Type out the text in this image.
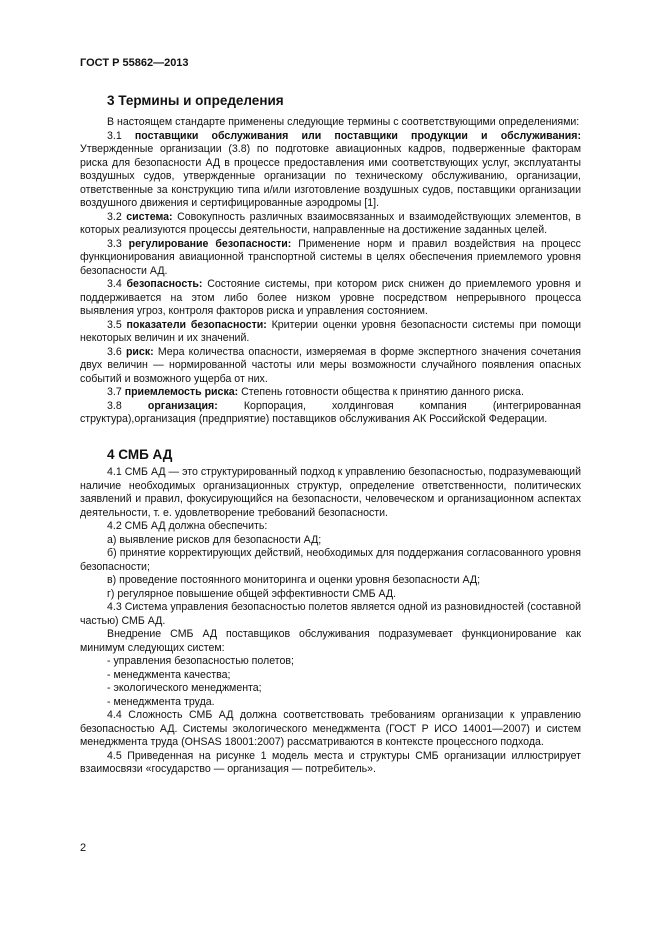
ГОСТ Р 55862—2013
3 Термины и определения

В настоящем стандарте применены следующие термины с соответствующими определениями:

3.1 поставщики обслуживания или поставщики продукции и обслуживания: Утвержденные организации (3.8) по подготовке авиационных кадров, подверженные факторам риска для безопасности АД в процессе предоставления ими соответствующих услуг, эксплуатанты воздушных судов, утвержденные организации по техническому обслуживанию, организации, ответственные за конструкцию типа и/или изготовление воздушных судов, поставщики организации воздушного движения и сертифицированные аэродромы [1].

3.2 система: Совокупность различных взаимосвязанных и взаимодействующих элементов, в которых реализуются процессы деятельности, направленные на достижение заданных целей.

3.3 регулирование безопасности: Применение норм и правил воздействия на процесс функционирования авиационной транспортной системы в целях обеспечения приемлемого уровня безопасности АД.

3.4 безопасность: Состояние системы, при котором риск снижен до приемлемого уровня и поддерживается на этом либо более низком уровне посредством непрерывного процесса выявления угроз, контроля факторов риска и управления состоянием.

3.5 показатели безопасности: Критерии оценки уровня безопасности системы при помощи некоторых величин и их значений.

3.6 риск: Мера количества опасности, измеряемая в форме экспертного значения сочетания двух величин — нормированной частоты или меры возможности случайного появления опасных событий и возможного ущерба от них.

3.7 приемлемость риска: Степень готовности общества к принятию данного риска.

3.8 организация: Корпорация, холдинговая компания (интегрированная структура),организация (предприятие) поставщиков обслуживания АК Российской Федерации.

4 СМБ АД

4.1 СМБ АД — это структурированный подход к управлению безопасностью, подразумевающий наличие необходимых организационных структур, определение ответственности, политических заявлений и правил, фокусирующийся на безопасности, человеческом и организационном аспектах деятельности, т. е. удовлетворение требований безопасности.

4.2 СМБ АД должна обеспечить:

а) выявление рисков для безопасности АД;

б) принятие корректирующих действий, необходимых для поддержания согласованного уровня безопасности;

в) проведение постоянного мониторинга и оценки уровня безопасности АД;

г) регулярное повышение общей эффективности СМБ АД.

4.3 Система управления безопасностью полетов является одной из разновидностей (составной частью) СМБ АД.

Внедрение СМБ АД поставщиков обслуживания подразумевает функционирование как минимум следующих систем:

- управления безопасностью полетов;

- менеджмента качества;

- экологического менеджмента;

- менеджмента труда.

4.4 Сложность СМБ АД должна соответствовать требованиям организации к управлению безопасностью АД. Системы экологического менеджмента (ГОСТ Р ИСО 14001—2007) и систем менеджмента труда (OHSAS 18001:2007) рассматриваются в контексте процессного подхода.

4.5 Приведенная на рисунке 1 модель места и структуры СМБ организации иллюстрирует взаимосвязи «государство — организация — потребитель».

2
